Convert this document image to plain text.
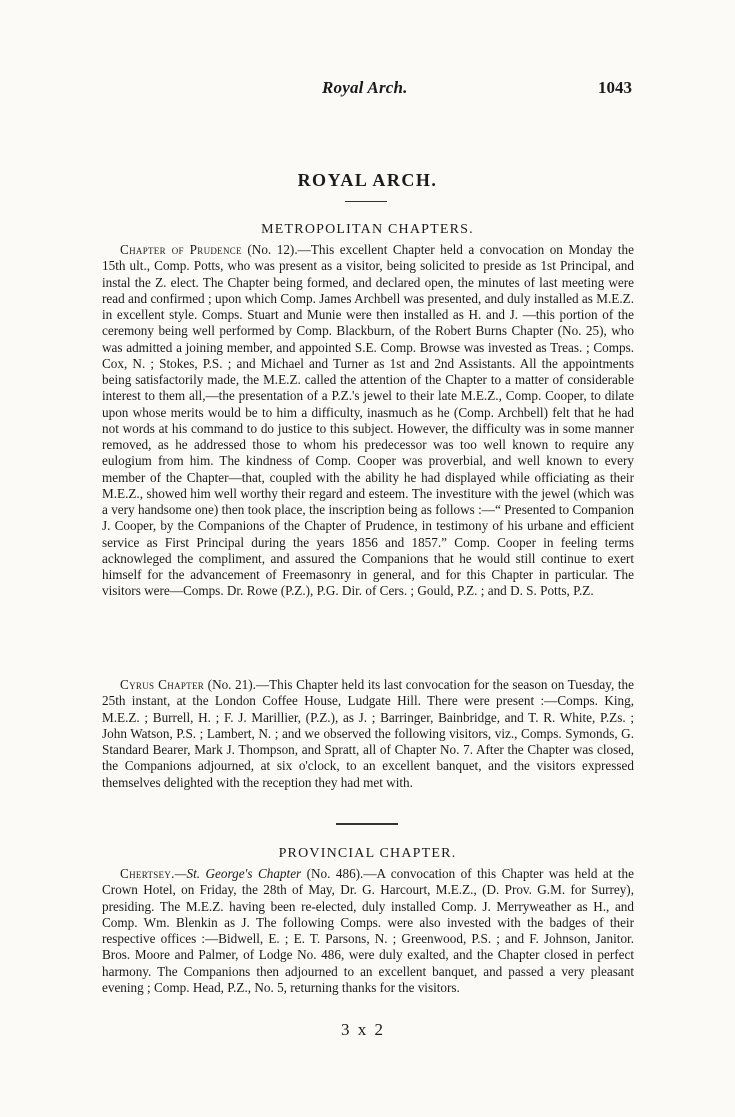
Royal Arch.	1043
ROYAL ARCH.
METROPOLITAN CHAPTERS.

Chapter of Prudence (No. 12).—This excellent Chapter held a convocation on Monday the 15th ult., Comp. Potts, who was present as a visitor, being solicited to preside as 1st Principal, and instal the Z. elect. The Chapter being formed, and declared open, the minutes of last meeting were read and confirmed ; upon which Comp. James Archbell was presented, and duly installed as M.E.Z. in excellent style. Comps. Stuart and Munie were then installed as H. and J. —this portion of the ceremony being well performed by Comp. Blackburn, of the Robert Burns Chapter (No. 25), who was admitted a joining member, and appointed S.E. Comp. Browse was invested as Treas. ; Comps. Cox, N. ; Stokes, P.S. ; and Michael and Turner as 1st and 2nd Assistants. All the appointments being satisfactorily made, the M.E.Z. called the attention of the Chapter to a matter of considerable interest to them all,—the presentation of a P.Z.'s jewel to their late M.E.Z., Comp. Cooper, to dilate upon whose merits would be to him a difficulty, inasmuch as he (Comp. Archbell) felt that he had not words at his command to do justice to this subject. However, the difficulty was in some manner removed, as he addressed those to whom his predecessor was too well known to require any eulogium from him. The kindness of Comp. Cooper was proverbial, and well known to every member of the Chapter—that, coupled with the ability he had displayed while officiating as their M.E.Z., showed him well worthy their regard and esteem. The investiture with the jewel (which was a very handsome one) then took place, the inscription being as follows :—“ Presented to Companion J. Cooper, by the Companions of the Chapter of Prudence, in testimony of his urbane and efficient service as First Principal during the years 1856 and 1857.” Comp. Cooper in feeling terms acknowleged the compliment, and assured the Companions that he would still continue to exert himself for the advancement of Freemasonry in general, and for this Chapter in particular. The visitors were—Comps. Dr. Rowe (P.Z.), P.G. Dir. of Cers. ; Gould, P.Z. ; and D. S. Potts, P.Z.

Cyrus Chapter (No. 21).—This Chapter held its last convocation for the season on Tuesday, the 25th instant, at the London Coffee House, Ludgate Hill. There were present :—Comps. King, M.E.Z. ; Burrell, H. ; F. J. Marillier, (P.Z.), as J. ; Barringer, Bainbridge, and T. R. White, P.Zs. ; John Watson, P.S. ; Lambert, N. ; and we observed the following visitors, viz., Comps. Symonds, G. Standard Bearer, Mark J. Thompson, and Spratt, all of Chapter No. 7. After the Chapter was closed, the Companions adjourned, at six o'clock, to an excellent banquet, and the visitors expressed themselves delighted with the reception they had met with.

PROVINCIAL CHAPTER.

Chertsey.—St. George's Chapter (No. 486).—A convocation of this Chapter was held at the Crown Hotel, on Friday, the 28th of May, Dr. G. Harcourt, M.E.Z., (D. Prov. G.M. for Surrey), presiding. The M.E.Z. having been re-elected, duly installed Comp. J. Merryweather as H., and Comp. Wm. Blenkin as J. The following Comps. were also invested with the badges of their respective offices :—Bidwell, E. ; E. T. Parsons, N. ; Greenwood, P.S. ; and F. Johnson, Janitor. Bros. Moore and Palmer, of Lodge No. 486, were duly exalted, and the Chapter closed in perfect harmony. The Companions then adjourned to an excellent banquet, and passed a very pleasant evening ; Comp. Head, P.Z., No. 5, returning thanks for the visitors.

3 x 2
